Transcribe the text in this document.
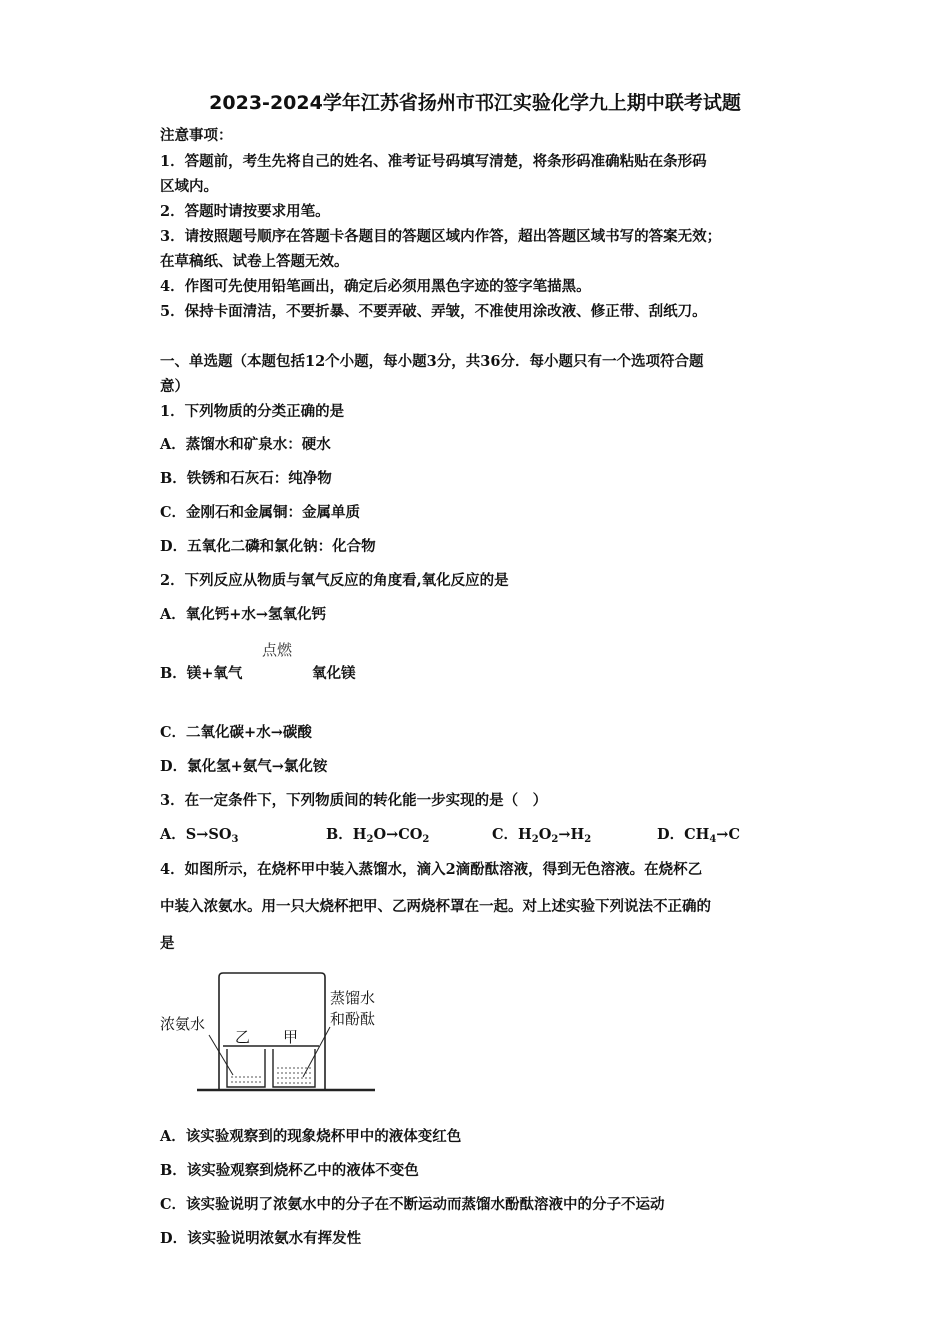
2023-2024学年江苏省扬州市邗江实验化学九上期中联考试题
注意事项：
1．答题前，考生先将自己的姓名、准考证号码填写清楚，将条形码准确粘贴在条形码
区域内。
2．答题时请按要求用笔。
3．请按照题号顺序在答题卡各题目的答题区域内作答，超出答题区域书写的答案无效；
在草稿纸、试卷上答题无效。
4．作图可先使用铅笔画出，确定后必须用黑色字迹的签字笔描黑。
5．保持卡面清洁，不要折暴、不要弄破、弄皱，不准使用涂改液、修正带、刮纸刀。
一、单选题（本题包括12个小题，每小题3分，共36分．每小题只有一个选项符合题
意）
1．下列物质的分类正确的是
A．蒸馏水和矿泉水：硬水
B．铁锈和石灰石：纯净物
C．金刚石和金属铜：金属单质
D．五氧化二磷和氯化钠：化合物
2．下列反应从物质与氧气反应的角度看,氧化反应的是
A．氧化钙+水→氢氧化钙
点燃
B．镁+氧气	氧化镁
C．二氧化碳+水→碳酸
D．氯化氢+氨气→氯化铵
3．在一定条件下，下列物质间的转化能一步实现的是（　）
A．$S\to SO_3$	B．$H_2O\to CO_2$	C．$H_2O_2\to H_2$	D．$CH_4\to C$
4．如图所示，在烧杯甲中装入蒸馏水，滴入2滴酚酞溶液，得到无色溶液。在烧杯乙
中装入浓氨水。用一只大烧杯把甲、乙两烧杯罩在一起。对上述实验下列说法不正确的
是
浓氨水
乙 甲
蒸馏水
和酚酞
A．该实验观察到的现象烧杯甲中的液体变红色
B．该实验观察到烧杯乙中的液体不变色
C．该实验说明了浓氨水中的分子在不断运动而蒸馏水酚酞溶液中的分子不运动
D．该实验说明浓氨水有挥发性
